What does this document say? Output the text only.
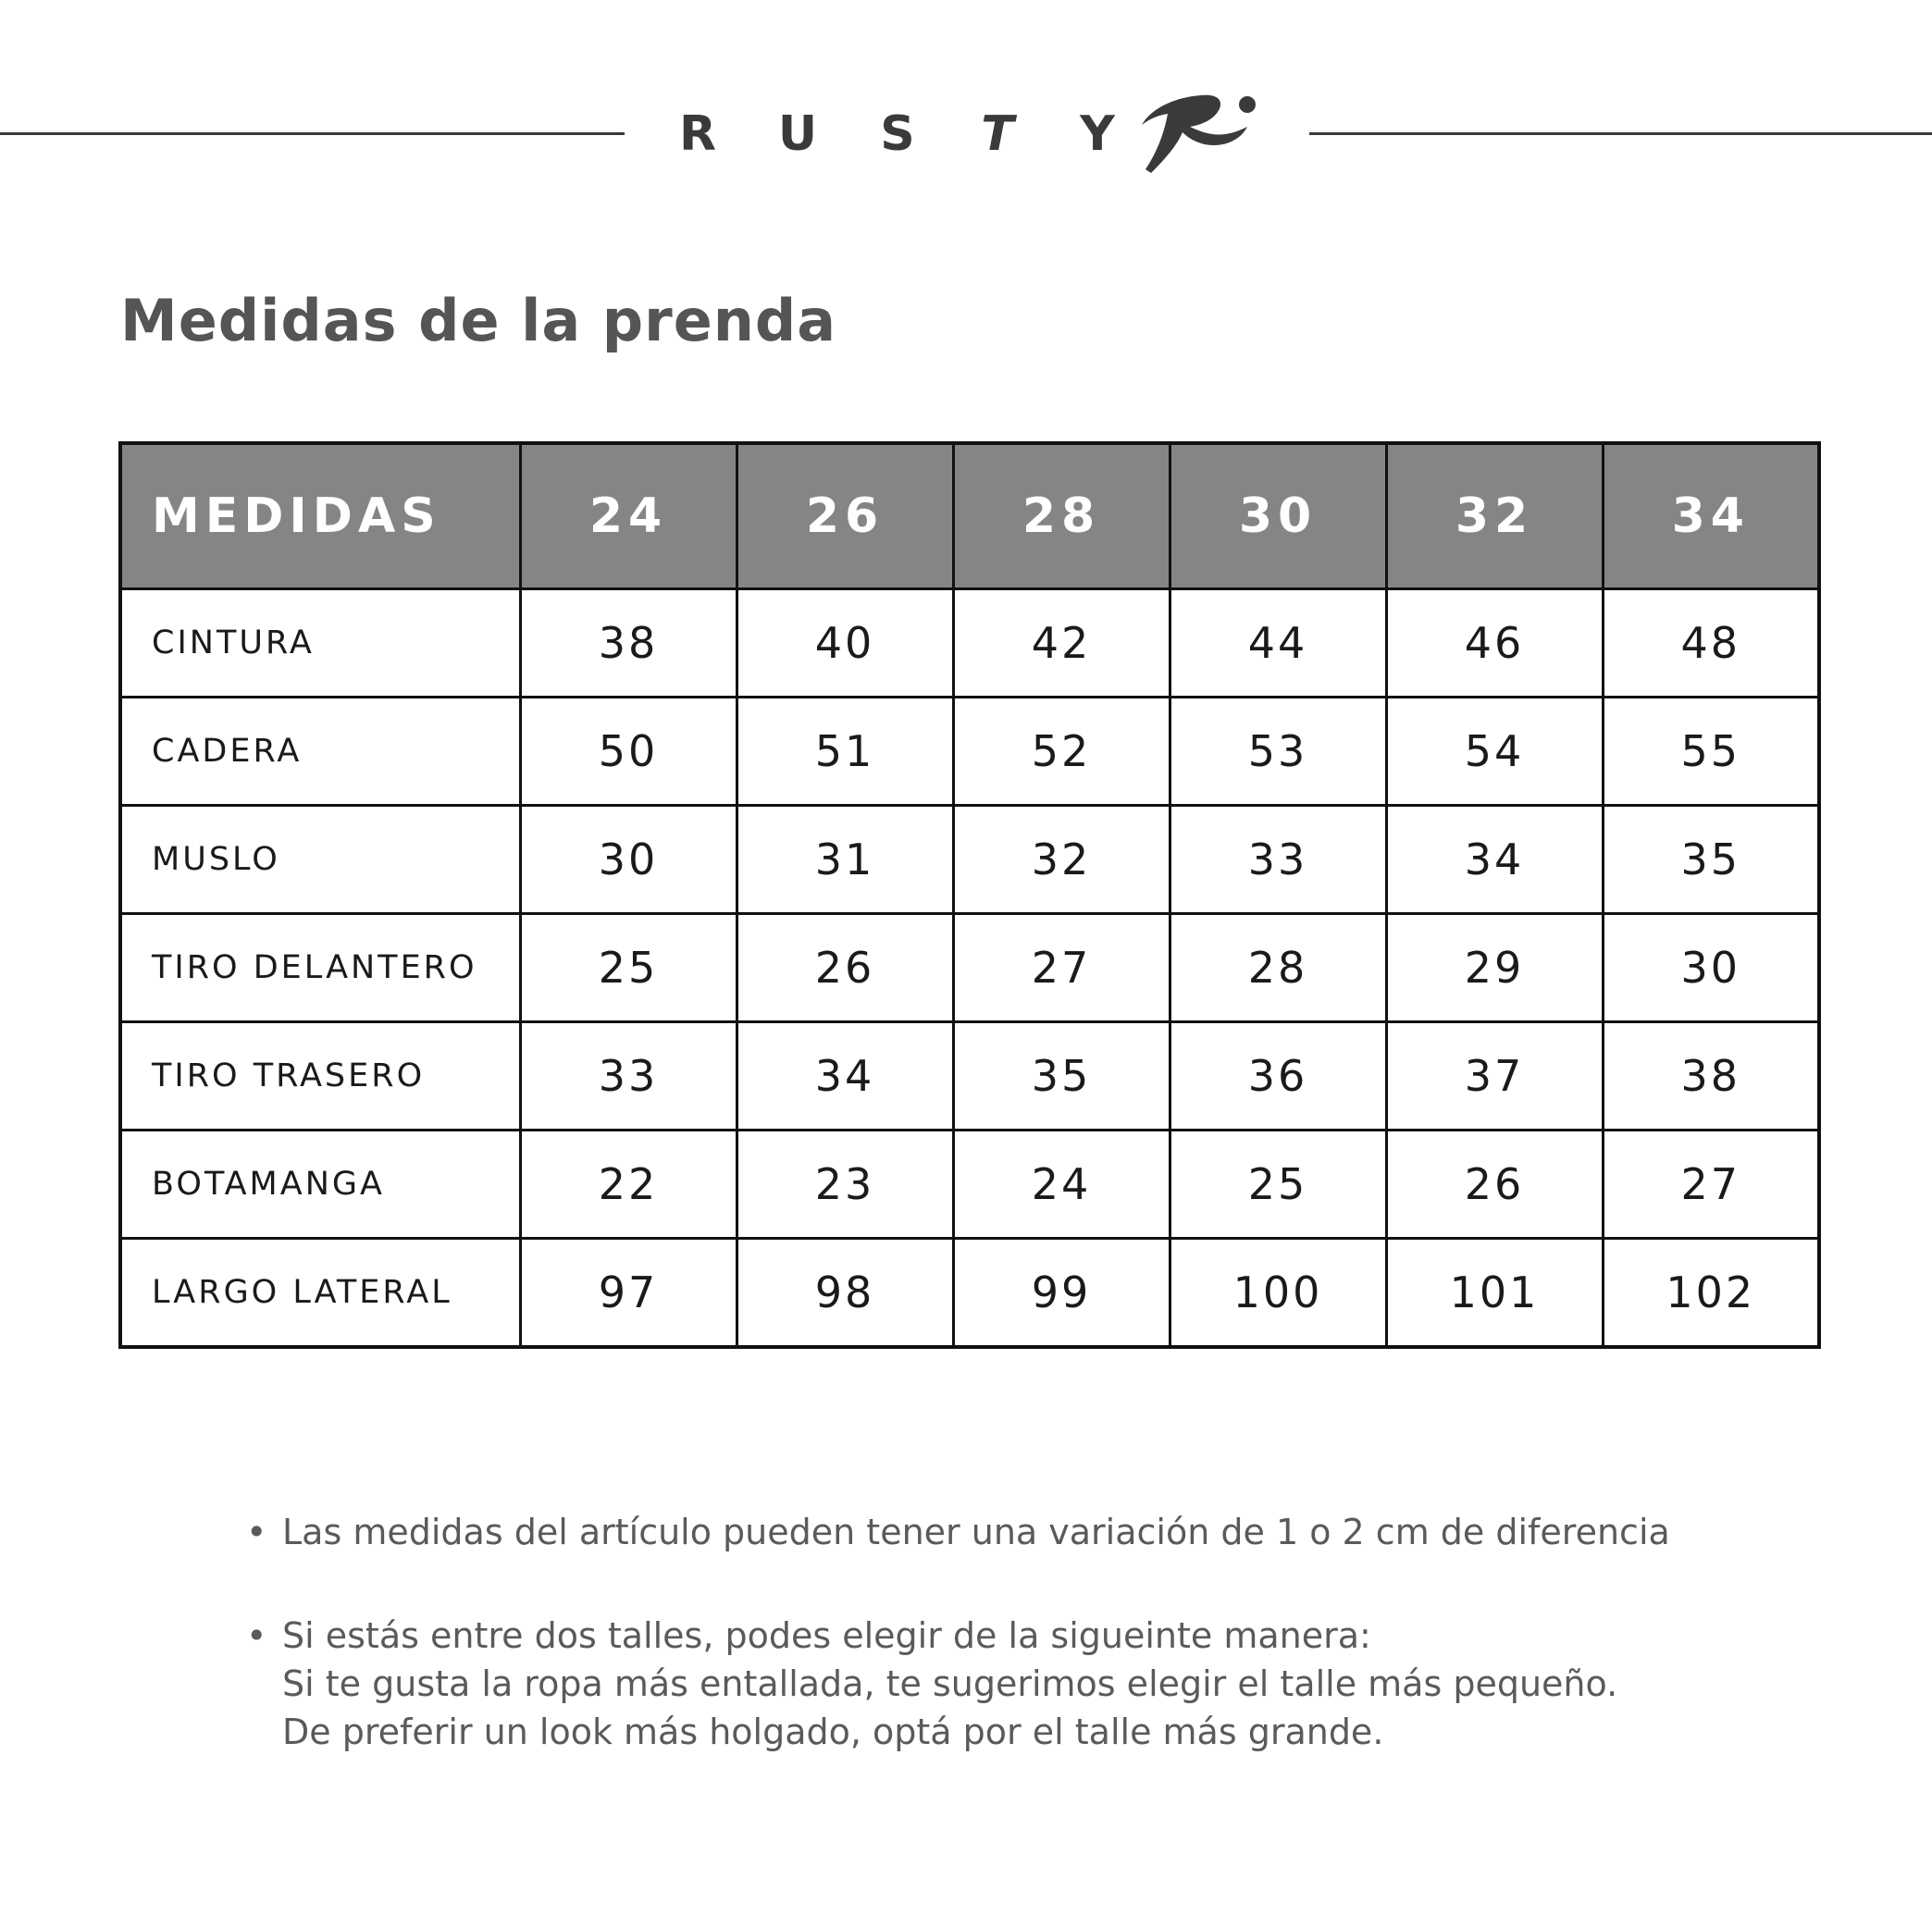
R	U	S	T	Y
Medidas de la prenda
MEDIDAS	24	26	28	30	32	34
CINTURA	38	40	42	44	46	48
CADERA	50	51	52	53	54	55
MUSLO	30	31	32	33	34	35
TIRO DELANTERO	25	26	27	28	29	30
TIRO TRASERO	33	34	35	36	37	38
BOTAMANGA	22	23	24	25	26	27
LARGO LATERAL	97	98	99	100	101	102
• Las medidas del artículo pueden tener una variación de 1 o 2 cm de diferencia
• Si estás entre dos talles, podes elegir de la sigueinte manera:
Si te gusta la ropa más entallada, te sugerimos elegir el talle más pequeño.
De preferir un look más holgado, optá por el talle más grande.
